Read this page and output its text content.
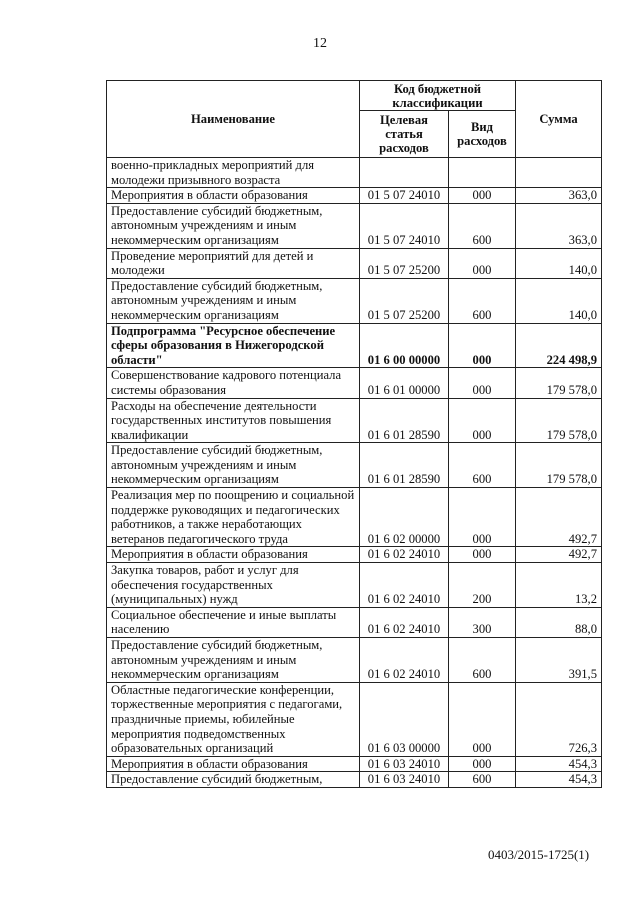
12
Наименование	Код бюджетной классификации		Сумма
	Целевая статья расходов	Вид расходов	
военно-прикладных мероприятий для молодежи призывного возраста			
Мероприятия в области образования	01 5 07 24010	000	363,0
Предоставление субсидий бюджетным, автономным учреждениям и иным некоммерческим организациям	01 5 07 24010	600	363,0
Проведение мероприятий для детей и молодежи	01 5 07 25200	000	140,0
Предоставление субсидий бюджетным, автономным учреждениям и иным некоммерческим организациям	01 5 07 25200	600	140,0
Подпрограмма "Ресурсное обеспечение сферы образования в Нижегородской области"	01 6 00 00000	000	224 498,9
Совершенствование кадрового потенциала системы образования	01 6 01 00000	000	179 578,0
Расходы на обеспечение деятельности государственных институтов повышения квалификации	01 6 01 28590	000	179 578,0
Предоставление субсидий бюджетным, автономным учреждениям и иным некоммерческим организациям	01 6 01 28590	600	179 578,0
Реализация мер по поощрению и социальной поддержке руководящих и педагогических работников, а также неработающих ветеранов педагогического труда	01 6 02 00000	000	492,7
Мероприятия в области образования	01 6 02 24010	000	492,7
Закупка товаров, работ и услуг для обеспечения государственных (муниципальных) нужд	01 6 02 24010	200	13,2
Социальное обеспечение и иные выплаты населению	01 6 02 24010	300	88,0
Предоставление субсидий бюджетным, автономным учреждениям и иным некоммерческим организациям	01 6 02 24010	600	391,5
Областные педагогические конференции, торжественные мероприятия с педагогами, праздничные приемы, юбилейные мероприятия подведомственных образовательных организаций	01 6 03 00000	000	726,3
Мероприятия в области образования	01 6 03 24010	000	454,3
Предоставление субсидий бюджетным,	01 6 03 24010	600	454,3
0403/2015-1725(1)
